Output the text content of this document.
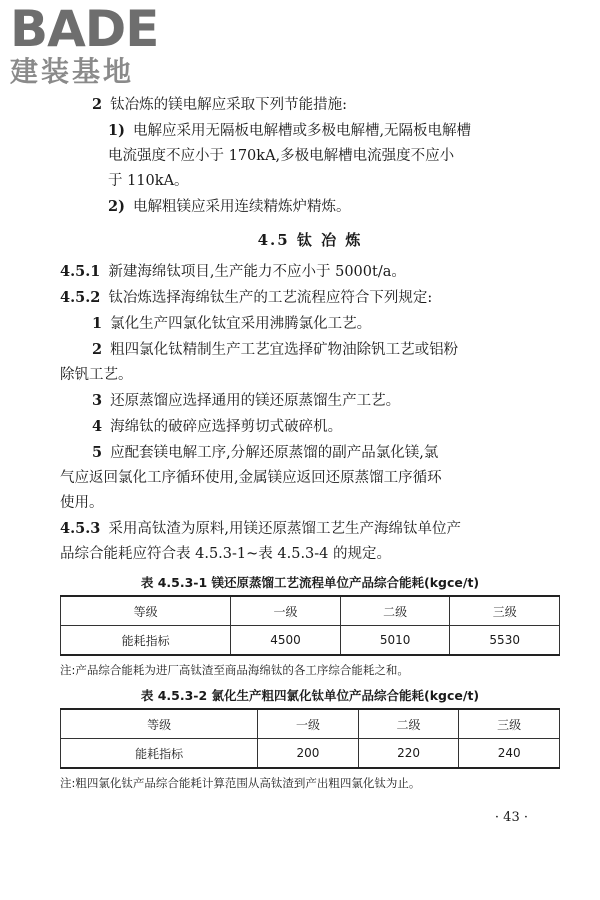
BADE
建装基地

2 钛冶炼的镁电解应采取下列节能措施:

1) 电解应采用无隔板电解槽或多极电解槽,无隔板电解槽

电流强度不应小于 170kA,多极电解槽电流强度不应小

于 110kA。

2) 电解粗镁应采用连续精炼炉精炼。

4.5 钛 冶 炼

4.5.1 新建海绵钛项目,生产能力不应小于 5000t/a。

4.5.2 钛冶炼选择海绵钛生产的工艺流程应符合下列规定:

1 氯化生产四氯化钛宜采用沸腾氯化工艺。

2 粗四氯化钛精制生产工艺宜选择矿物油除钒工艺或铝粉

除钒工艺。

3 还原蒸馏应选择通用的镁还原蒸馏生产工艺。

4 海绵钛的破碎应选择剪切式破碎机。

5 应配套镁电解工序,分解还原蒸馏的副产品氯化镁,氯

气应返回氯化工序循环使用,金属镁应返回还原蒸馏工序循环

使用。

4.5.3 采用高钛渣为原料,用镁还原蒸馏工艺生产海绵钛单位产

品综合能耗应符合表 4.5.3-1~表 4.5.3-4 的规定。

表 4.5.3-1 镁还原蒸馏工艺流程单位产品综合能耗(kgce/t)
等级	一级	二级	三级
能耗指标	4500	5010	5530
注:产品综合能耗为进厂高钛渣至商品海绵钛的各工序综合能耗之和。
表 4.5.3-2 氯化生产粗四氯化钛单位产品综合能耗(kgce/t)
等级	一级	二级	三级
能耗指标	200	220	240
注:粗四氯化钛产品综合能耗计算范围从高钛渣到产出粗四氯化钛为止。
· 43 ·
